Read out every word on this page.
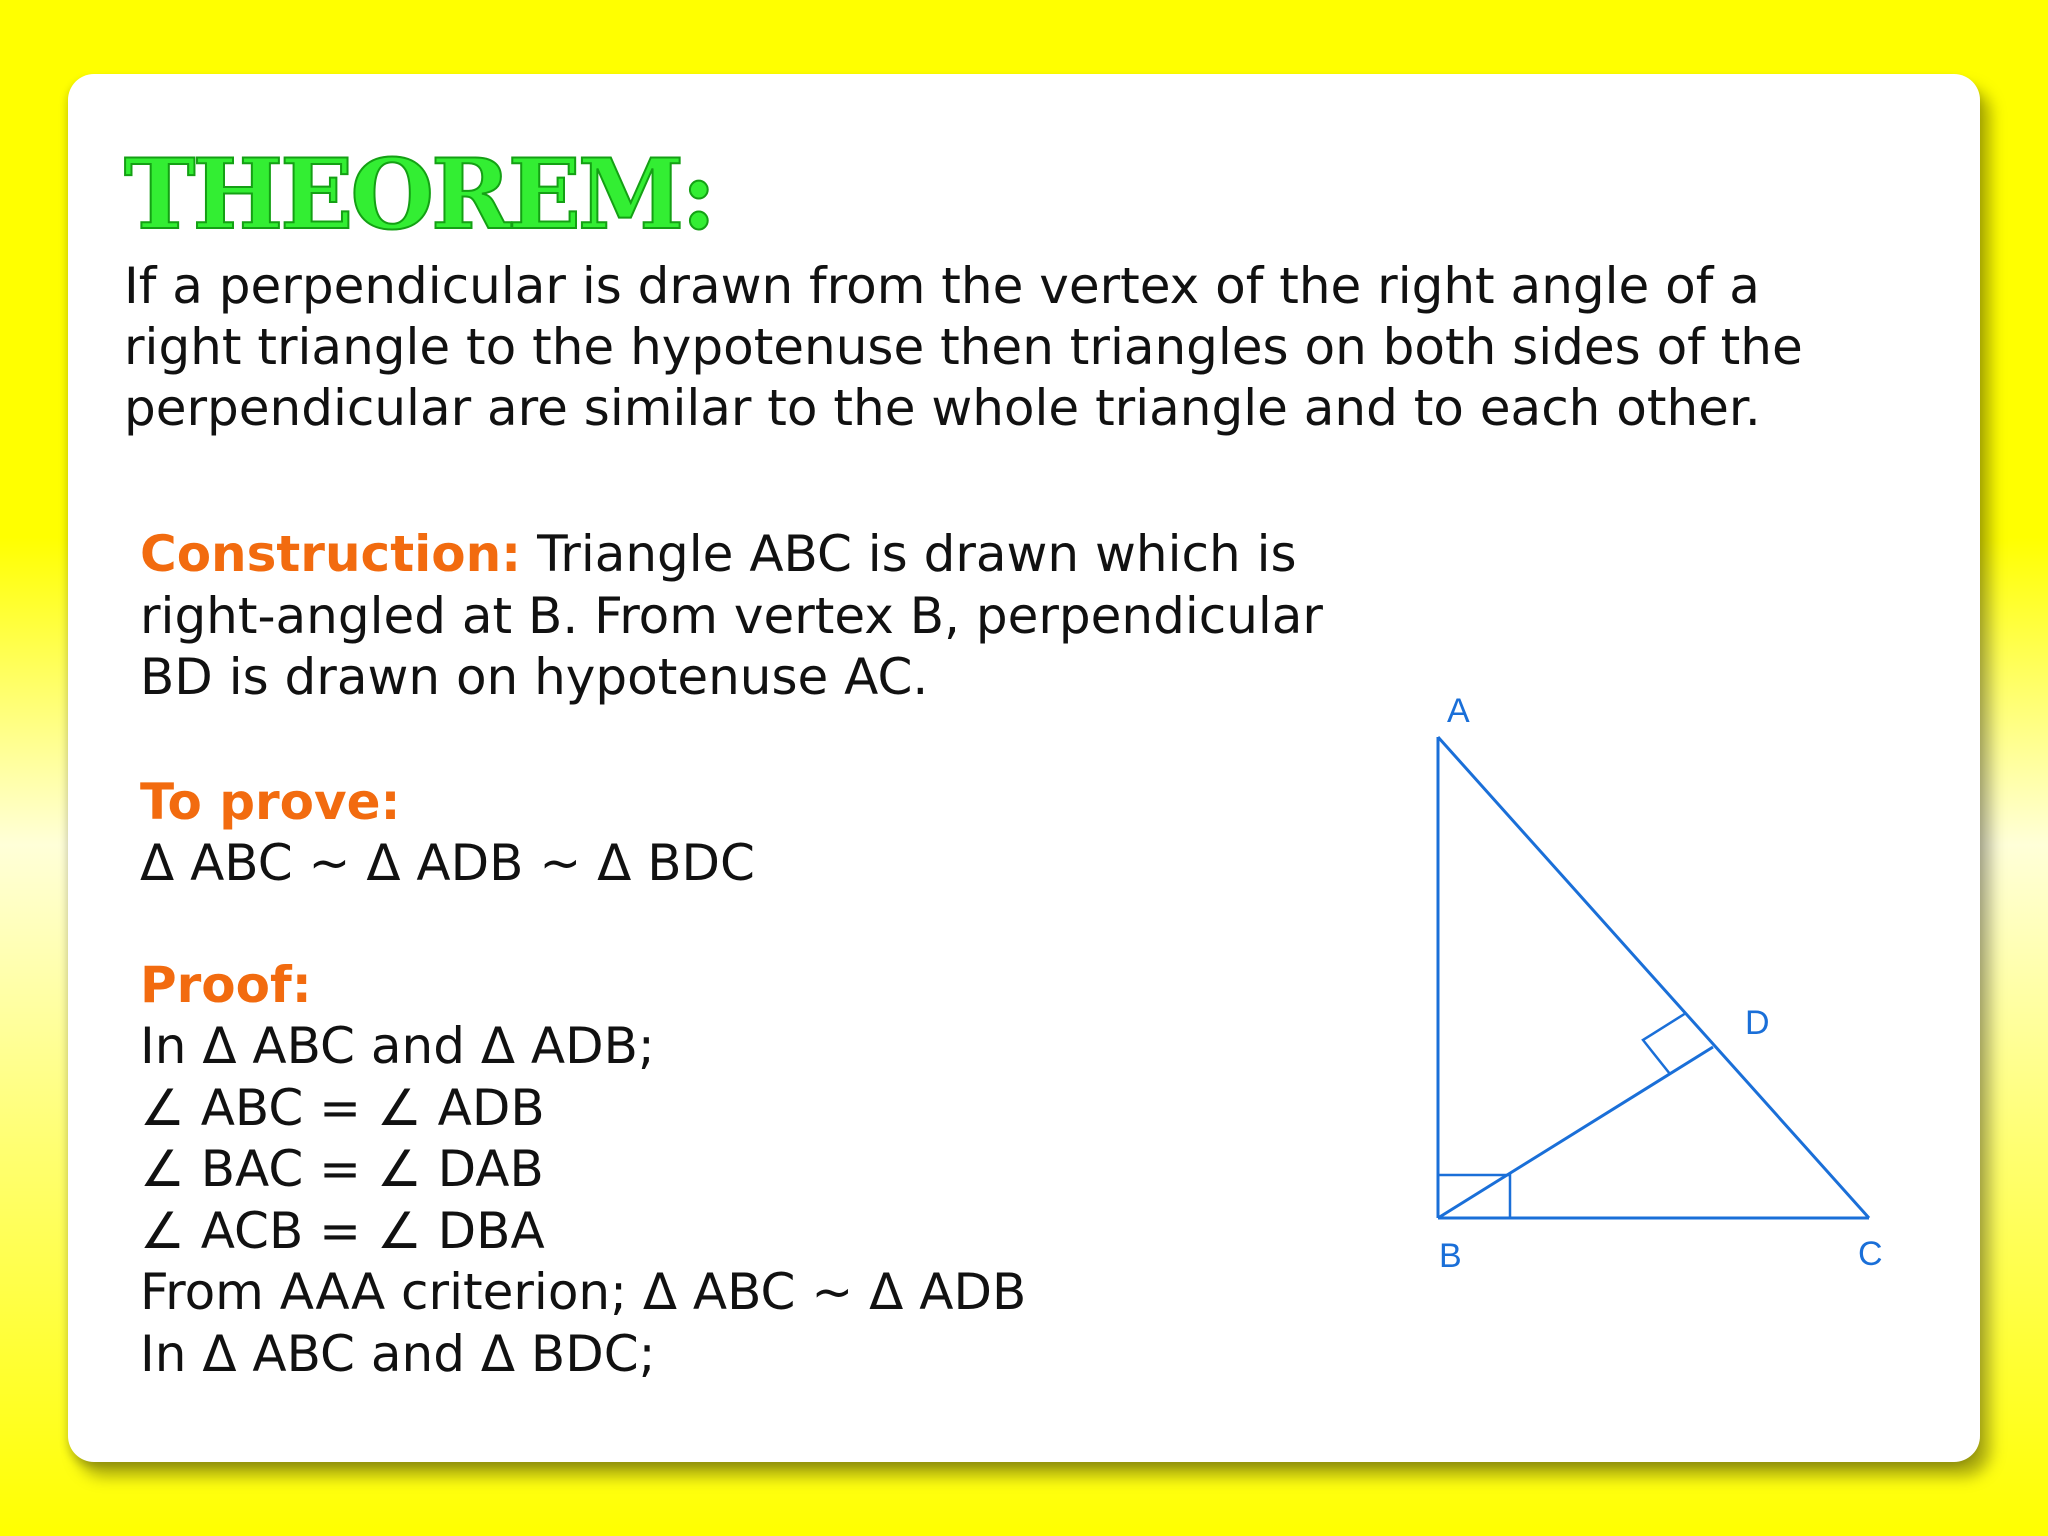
THEOREM:
If a perpendicular is drawn from the vertex of the right angle of a
right triangle to the hypotenuse then triangles on both sides of the
perpendicular are similar to the whole triangle and to each other.
Construction: Triangle ABC is drawn which is
right-angled at B. From vertex B, perpendicular
BD is drawn on hypotenuse AC.
To prove:
Δ ABC ~ Δ ADB ~ Δ BDC
Proof:
In Δ ABC and Δ ADB;
∠ ABC = ∠ ADB
∠ BAC = ∠ DAB
∠ ACB = ∠ DBA
From AAA criterion; Δ ABC ~ Δ ADB
In Δ ABC and Δ BDC;
A
B	C
D
